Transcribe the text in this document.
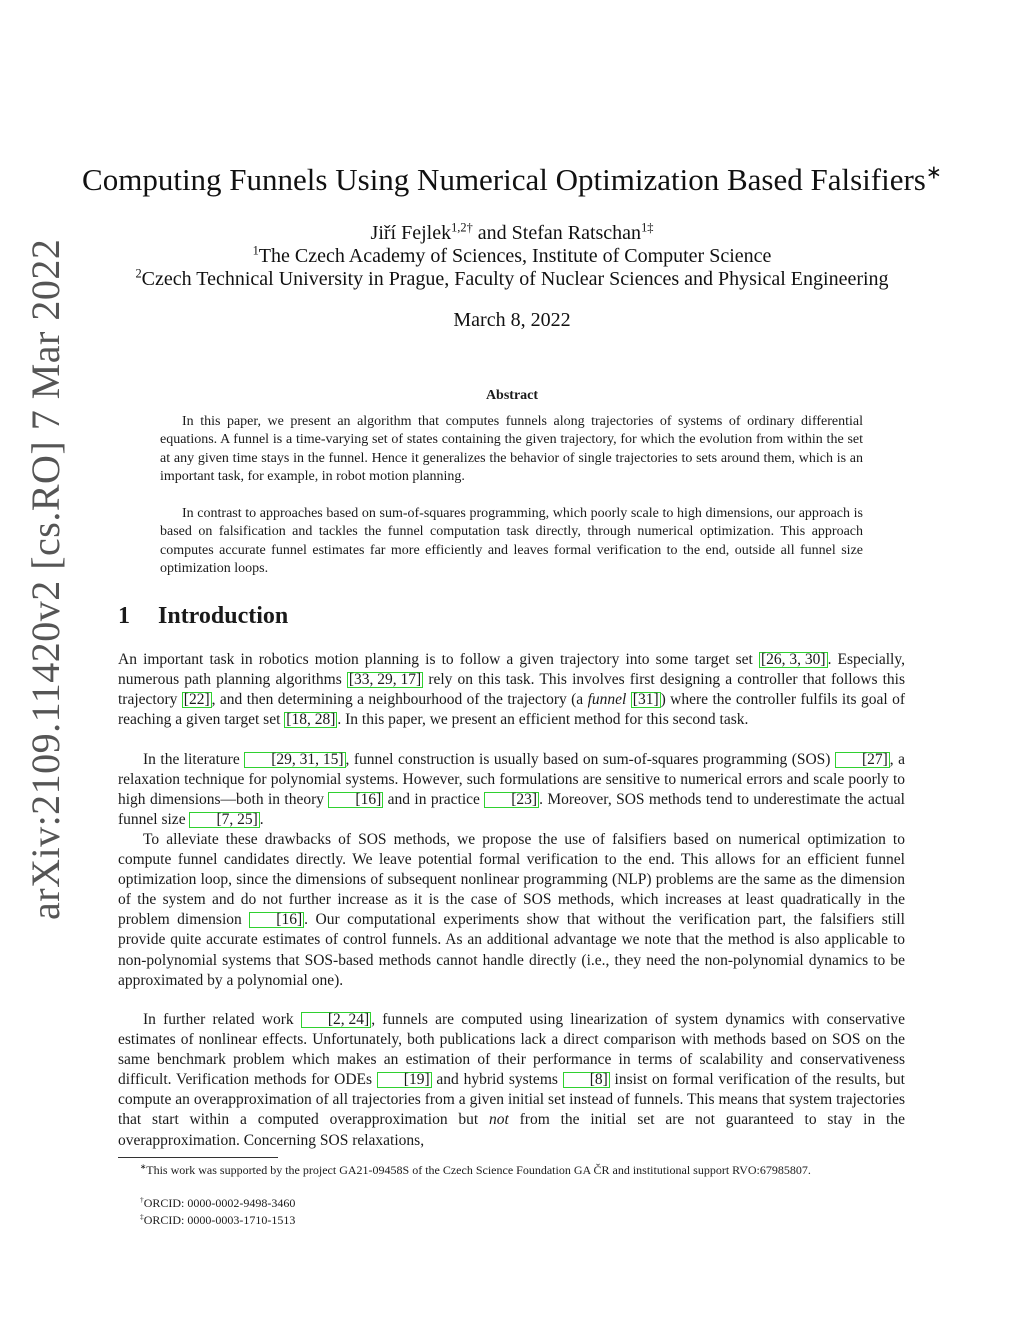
arXiv:2109.11420v2 [cs.RO] 7 Mar 2022
Computing Funnels Using Numerical Optimization Based Falsifiers∗
Jiří Fejlek$^{1,2\dagger}$ and Stefan Ratschan$^{1\ddagger}$
$^1$The Czech Academy of Sciences, Institute of Computer Science
$^2$Czech Technical University in Prague, Faculty of Nuclear Sciences and Physical Engineering
March 8, 2022
Abstract

In this paper, we present an algorithm that computes funnels along trajectories of systems of ordinary differential equations. A funnel is a time-varying set of states containing the given trajectory, for which the evolution from within the set at any given time stays in the funnel. Hence it generalizes the behavior of single trajectories to sets around them, which is an important task, for example, in robot motion planning.

In contrast to approaches based on sum-of-squares programming, which poorly scale to high dimensions, our approach is based on falsification and tackles the funnel computation task directly, through numerical optimization. This approach computes accurate funnel estimates far more efficiently and leaves formal verification to the end, outside all funnel size optimization loops.

1 Introduction

An important task in robotics motion planning is to follow a given trajectory into some target set [26, 3, 30] . Especially, numerous path planning algorithms [33, 29, 17] rely on this task. This involves first designing a controller that follows this trajectory [22] , and then determining a neighbourhood of the trajectory (a funnel [31] ) where the controller fulfils its goal of reaching a given target set [18, 28] . In this paper, we present an efficient method for this second task.

In the literature [29, 31, 15] , funnel construction is usually based on sum-of-squares programming (SOS) [27] , a relaxation technique for polynomial systems. However, such formulations are sensitive to numerical errors and scale poorly to high dimensions—both in theory [16] and in practice [23] . Moreover, SOS methods tend to underestimate the actual funnel size [7, 25] .

To alleviate these drawbacks of SOS methods, we propose the use of falsifiers based on numerical optimization to compute funnel candidates directly. We leave potential formal verification to the end. This allows for an efficient funnel optimization loop, since the dimensions of subsequent nonlinear programming (NLP) problems are the same as the dimension of the system and do not further increase as it is the case of SOS methods, which increases at least quadratically in the problem dimension [16] . Our computational experiments show that without the verification part, the falsifiers still provide quite accurate estimates of control funnels. As an additional advantage we note that the method is also applicable to non-polynomial systems that SOS-based methods cannot handle directly (i.e., they need the non-polynomial dynamics to be approximated by a polynomial one).

In further related work [2, 24] , funnels are computed using linearization of system dynamics with conservative estimates of nonlinear effects. Unfortunately, both publications lack a direct comparison with methods based on SOS on the same benchmark problem which makes an estimation of their performance in terms of scalability and conservativeness difficult. Verification methods for ODEs [19] and hybrid systems [8] insist on formal verification of the results, but compute an overapproximation of all trajectories from a given initial set instead of funnels. This means that system trajectories that start within a computed overapproximation but not from the initial set are not guaranteed to stay in the overapproximation. Concerning SOS relaxations,

∗This work was supported by the project GA21-09458S of the Czech Science Foundation GA ČR and institutional support RVO:67985807.

†ORCID: 0000-0002-9498-3460

‡ORCID: 0000-0003-1710-1513
